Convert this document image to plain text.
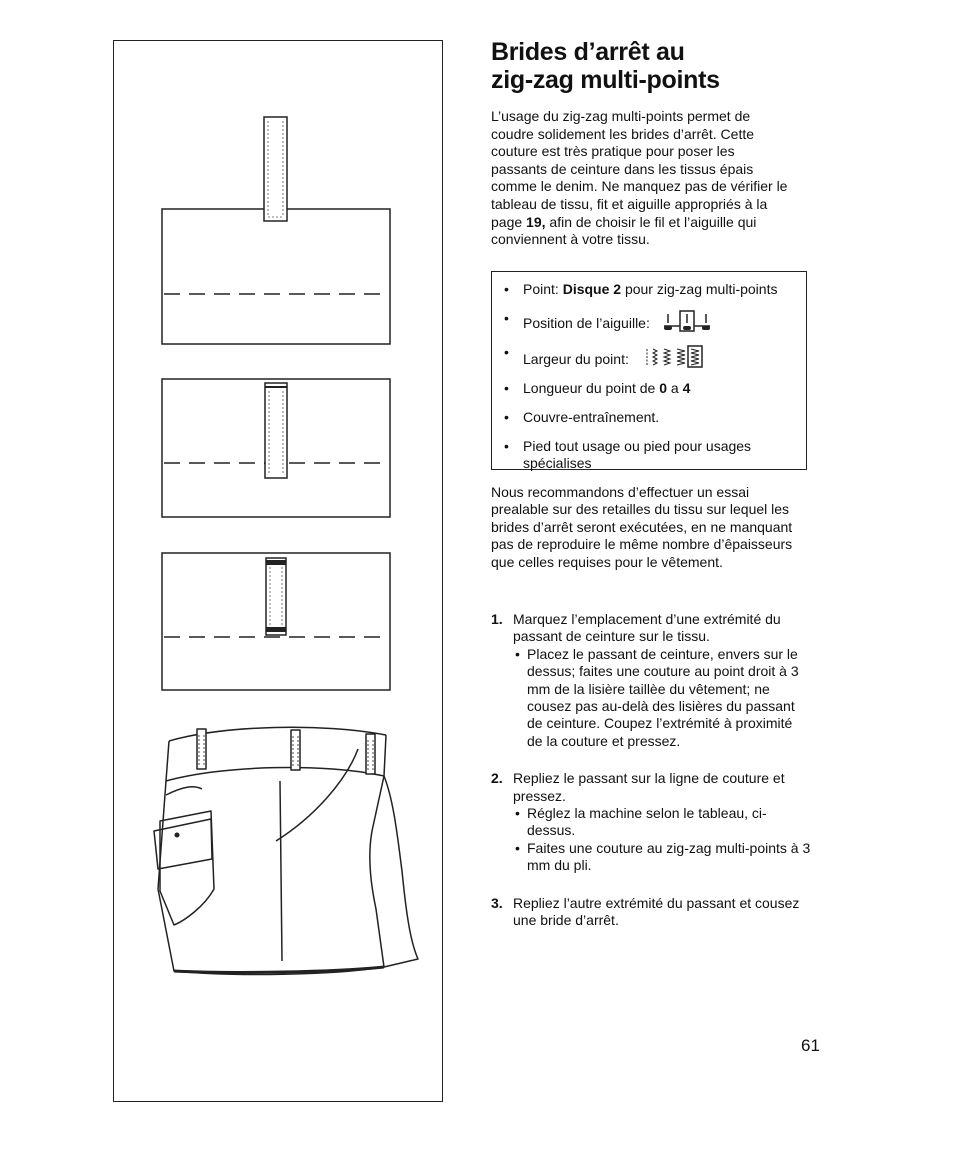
Brides d’arrêt au
zig-zag multi-points

L’usage du zig-zag multi-points permet de coudre solidement les brides d’arrêt. Cette couture est très pratique pour poser les passants de ceinture dans les tissus épais comme le denim. Ne manquez pas de vérifier le tableau de tissu, fit et aiguille appropriés à la page 19, afin de choisir le fil et l’aiguille qui conviennent à votre tissu.

• Point: Disque 2 pour zig-zag multi-points
• Position de l’aiguille:
• Largeur du point:
• Longueur du point de 0 a 4
• Couvre-entraînement.
• Pied tout usage ou pied pour usages spécialises

Nous recommandons d’effectuer un essai prealable sur des retailles du tissu sur lequel les brides d’arrêt seront exécutées, en ne manquant pas de reproduire le même nombre d’êpaisseurs que celles requises pour le vêtement.

1. Marquez l’emplacement d’une extrémité du passant de ceinture sur le tissu.
• Placez le passant de ceinture, envers sur le dessus; faites une couture au point droit à 3 mm de la lisière taillèe du vêtement; ne cousez pas au-delà des lisières du passant de ceinture. Coupez l’extrémité à proximité de la couture et pressez.
2. Repliez le passant sur la ligne de couture et pressez.
• Réglez la machine selon le tableau, ci-dessus.
• Faites une couture au zig-zag multi-points à 3 mm du pli.
3. Repliez l’autre extrémité du passant et cousez une bride d’arrêt.
61
